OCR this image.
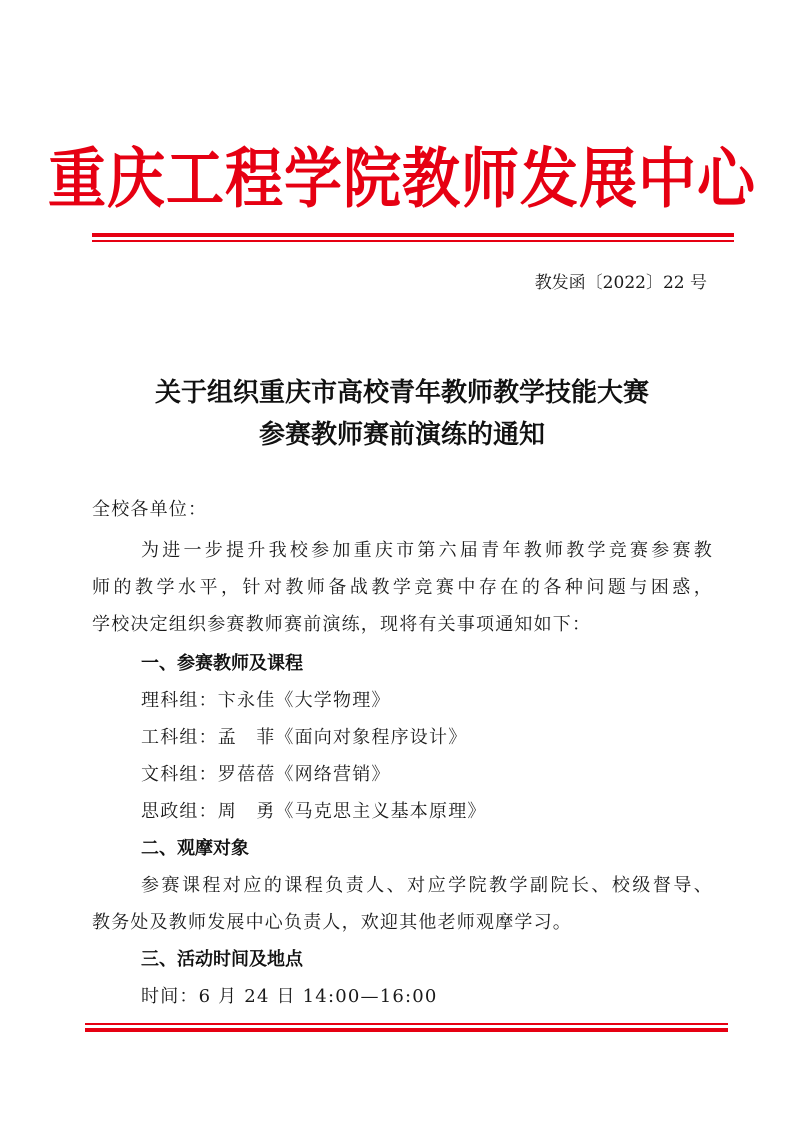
重庆工程学院教师发展中心
教发函〔2022〕22 号
关于组织重庆市高校青年教师教学技能大赛
参赛教师赛前演练的通知
全校各单位：
为进一步提升我校参加重庆市第六届青年教师教学竞赛参赛教
师的教学水平，针对教师备战教学竞赛中存在的各种问题与困惑，
学校决定组织参赛教师赛前演练，现将有关事项通知如下：
一、参赛教师及课程
理科组：卞永佳《大学物理》
工科组：孟　菲《面向对象程序设计》
文科组：罗蓓蓓《网络营销》
思政组：周　勇《马克思主义基本原理》
二、观摩对象
参赛课程对应的课程负责人、对应学院教学副院长、校级督导、
教务处及教师发展中心负责人，欢迎其他老师观摩学习。
三、活动时间及地点
时间：6 月 24 日 14:00—16:00
